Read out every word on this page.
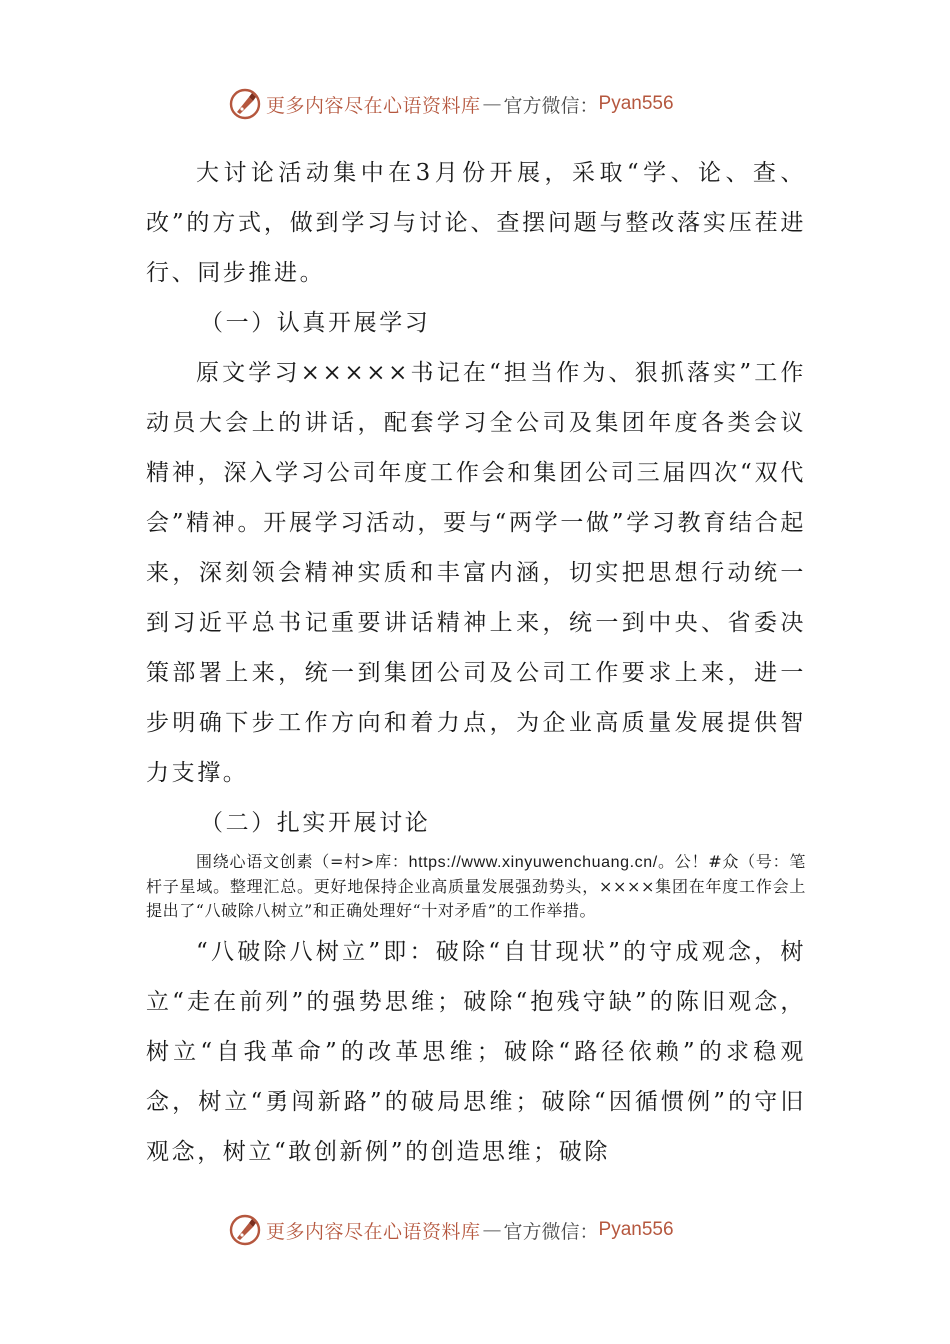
更多内容尽在心语资料库 — 官方微信： Pyan556

大讨论活动集中在3月份开展，采取“学、论、查、改”的方式，做到学习与讨论、查摆问题与整改落实压茬进行、同步推进。

（一）认真开展学习

原文学习×××××书记在“担当作为、狠抓落实”工作动员大会上的讲话，配套学习全公司及集团年度各类会议精神，深入学习公司年度工作会和集团公司三届四次“双代会”精神。开展学习活动，要与“两学一做”学习教育结合起来，深刻领会精神实质和丰富内涵，切实把思想行动统一到习近平总书记重要讲话精神上来，统一到中央、省委决策部署上来，统一到集团公司及公司工作要求上来，进一步明确下步工作方向和着力点，为企业高质量发展提供智力支撑。

（二）扎实开展讨论

围绕心语文创素（=村>库：https://www.xinyuwenchuang.cn/。公！#众（号：笔杆子星域。整理汇总。更好地保持企业高质量发展强劲势头，××××集团在年度工作会上提出了“八破除八树立”和正确处理好“十对矛盾”的工作举措。

“八破除八树立”即：破除“自甘现状”的守成观念，树立“走在前列”的强势思维；破除“抱残守缺”的陈旧观念，树立“自我革命”的改革思维；破除“路径依赖”的求稳观念，树立“勇闯新路”的破局思维；破除“因循惯例”的守旧观念，树立“敢创新例”的创造思维；破除

更多内容尽在心语资料库 — 官方微信： Pyan556
